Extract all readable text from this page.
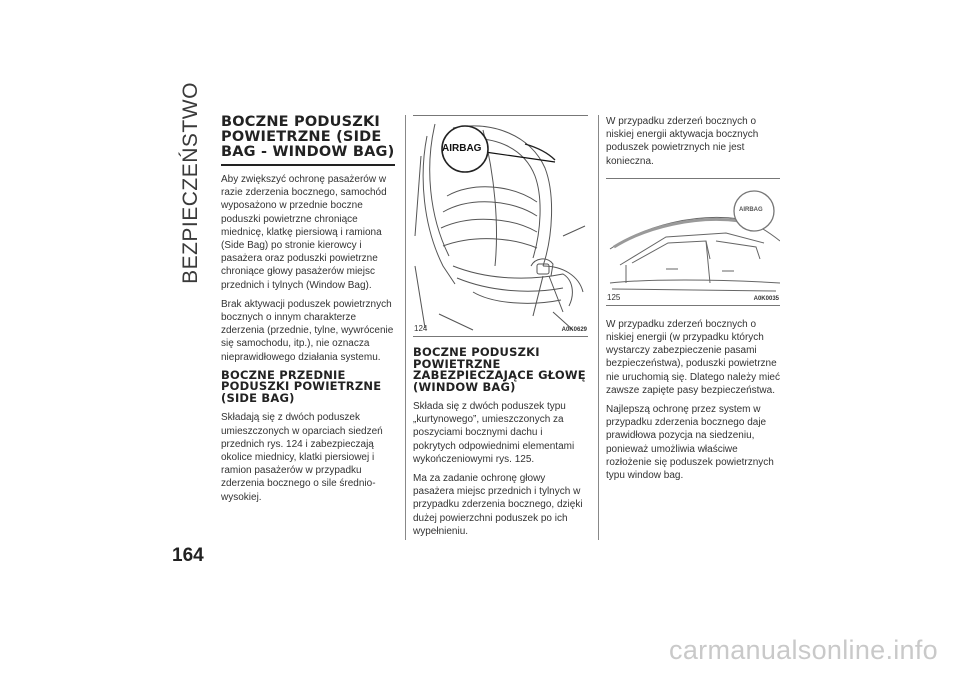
BEZPIECZEŃSTWO
164
BOCZNE PODUSZKI POWIETRZNE (SIDE BAG - WINDOW BAG)

Aby zwiększyć ochronę pasażerów w razie zderzenia bocznego, samochód wyposażono w przednie boczne poduszki powietrzne chroniące miednicę, klatkę piersiową i ramiona (Side Bag) po stronie kierowcy i pasażera oraz poduszki powietrzne chroniące głowy pasażerów miejsc przednich i tylnych (Window Bag).

Brak aktywacji poduszek powietrznych bocznych o innym charakterze zderzenia (przednie, tylne, wywrócenie się samochodu, itp.), nie oznacza nieprawidłowego działania systemu.

BOCZNE PRZEDNIE PODUSZKI POWIETRZNE (SIDE BAG)

Składają się z dwóch poduszek umieszczonych w oparciach siedzeń przednich rys. 124 i zabezpieczają okolice miednicy, klatki piersiowej i ramion pasażerów w przypadku zderzenia bocznego o sile średnio-wysokiej.

AIRBAG
124	A0K0629
BOCZNE PODUSZKI POWIETRZNE ZABEZPIECZAJĄCE GŁOWĘ (WINDOW BAG)

Składa się z dwóch poduszek typu „kurtynowego”, umieszczonych za poszyciami bocznymi dachu i pokrytych odpowiednimi elementami wykończeniowymi rys. 125.

Ma za zadanie ochronę głowy pasażera miejsc przednich i tylnych w przypadku zderzenia bocznego, dzięki dużej powierzchni poduszek po ich wypełnieniu.

W przypadku zderzeń bocznych o niskiej energii aktywacja bocznych poduszek powietrznych nie jest konieczna.

AIRBAG
125	A0K0035

W przypadku zderzeń bocznych o niskiej energii (w przypadku których wystarczy zabezpieczenie pasami bezpieczeństwa), poduszki powietrzne nie uruchomią się. Dlatego należy mieć zawsze zapięte pasy bezpieczeństwa.

Najlepszą ochronę przez system w przypadku zderzenia bocznego daje prawidłowa pozycja na siedzeniu, ponieważ umożliwia właściwe rozłożenie się poduszek powietrznych typu window bag.

carmanualsonline.info
